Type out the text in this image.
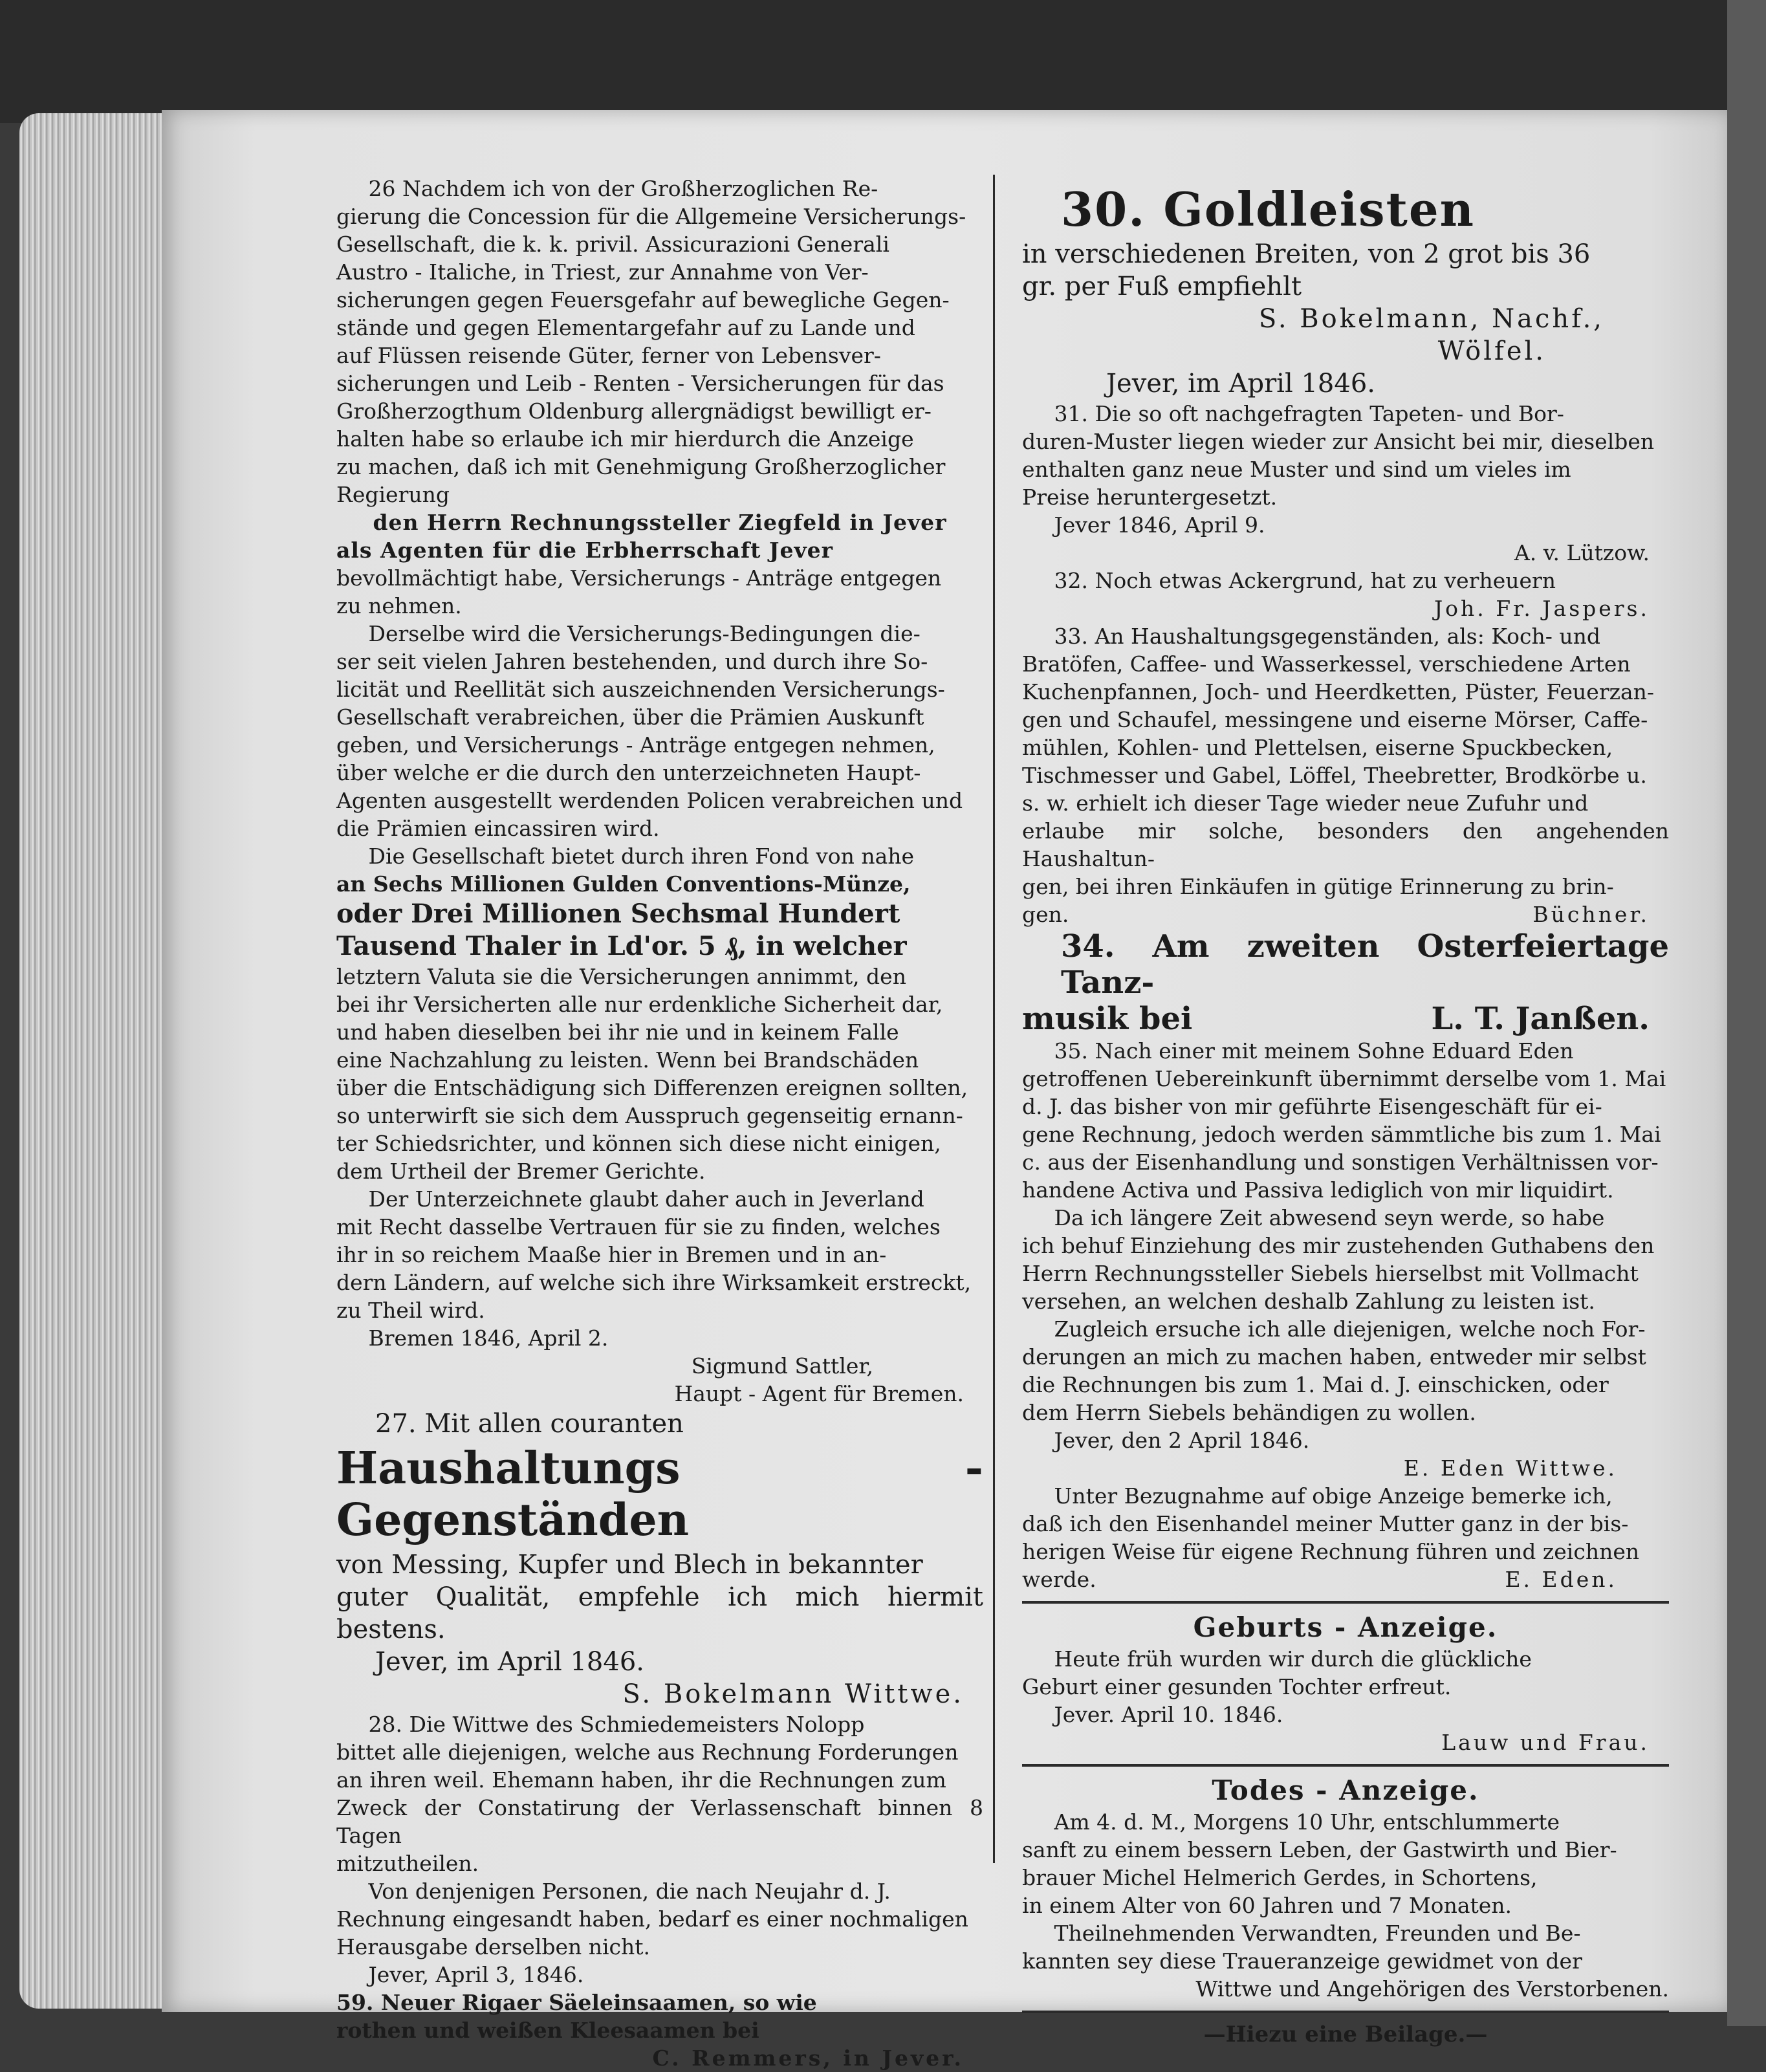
26 Nachdem ich von der Großherzoglichen Re-

gierung die Concession für die Allgemeine Versicherungs-

Gesellschaft, die k. k. privil. Assicurazioni Generali

Austro - Italiche, in Triest, zur Annahme von Ver-

sicherungen gegen Feuersgefahr auf bewegliche Gegen-

stände und gegen Elementargefahr auf zu Lande und

auf Flüssen reisende Güter, ferner von Lebensver-

sicherungen und Leib - Renten - Versicherungen für das

Großherzogthum Oldenburg allergnädigst bewilligt er-

halten habe so erlaube ich mir hierdurch die Anzeige

zu machen, daß ich mit Genehmigung Großherzoglicher

Regierung

den Herrn Rechnungssteller Ziegfeld in Jever

als Agenten für die Erbherrschaft Jever

bevollmächtigt habe, Versicherungs - Anträge entgegen

zu nehmen.

Derselbe wird die Versicherungs-Bedingungen die-

ser seit vielen Jahren bestehenden, und durch ihre So-

licität und Reellität sich auszeichnenden Versicherungs-

Gesellschaft verabreichen, über die Prämien Auskunft

geben, und Versicherungs - Anträge entgegen nehmen,

über welche er die durch den unterzeichneten Haupt-

Agenten ausgestellt werdenden Policen verabreichen und

die Prämien eincassiren wird.

Die Gesellschaft bietet durch ihren Fond von nahe

an Sechs Millionen Gulden Conventions-Münze,

oder Drei Millionen Sechsmal Hundert

Tausend Thaler in Ld'or. 5 ₰, in welcher

letztern Valuta sie die Versicherungen annimmt, den

bei ihr Versicherten alle nur erdenkliche Sicherheit dar,

und haben dieselben bei ihr nie und in keinem Falle

eine Nachzahlung zu leisten. Wenn bei Brandschäden

über die Entschädigung sich Differenzen ereignen sollten,

so unterwirft sie sich dem Ausspruch gegenseitig ernann-

ter Schiedsrichter, und können sich diese nicht einigen,

dem Urtheil der Bremer Gerichte.

Der Unterzeichnete glaubt daher auch in Jeverland

mit Recht dasselbe Vertrauen für sie zu finden, welches

ihr in so reichem Maaße hier in Bremen und in an-

dern Ländern, auf welche sich ihre Wirksamkeit erstreckt,

zu Theil wird.

Bremen 1846, April 2.

Sigmund Sattler,

Haupt - Agent für Bremen.

27. Mit allen couranten

Haushaltungs - Gegenständen

von Messing, Kupfer und Blech in bekannter

guter Qualität, empfehle ich mich hiermit bestens.

Jever, im April 1846.

S. Bokelmann Wittwe.

28. Die Wittwe des Schmiedemeisters Nolopp

bittet alle diejenigen, welche aus Rechnung Forderungen

an ihren weil. Ehemann haben, ihr die Rechnungen zum

Zweck der Constatirung der Verlassenschaft binnen 8 Tagen

mitzutheilen.

Von denjenigen Personen, die nach Neujahr d. J.

Rechnung eingesandt haben, bedarf es einer nochmaligen

Herausgabe derselben nicht.

Jever, April 3, 1846.

59. Neuer Rigaer Säeleinsaamen, so wie

rothen und weißen Kleesaamen bei

C. Remmers, in Jever.

30. Goldleisten

in verschiedenen Breiten, von 2 grot bis 36

gr. per Fuß empfiehlt

S. Bokelmann, Nachf.,

Wölfel.

Jever, im April 1846.

31. Die so oft nachgefragten Tapeten- und Bor-

duren-Muster liegen wieder zur Ansicht bei mir, dieselben

enthalten ganz neue Muster und sind um vieles im

Preise heruntergesetzt.

Jever 1846, April 9.

A. v. Lützow.

32. Noch etwas Ackergrund, hat zu verheuern

Joh. Fr. Jaspers.

33. An Haushaltungsgegenständen, als: Koch- und

Bratöfen, Caffee- und Wasserkessel, verschiedene Arten

Kuchenpfannen, Joch- und Heerdketten, Püster, Feuerzan-

gen und Schaufel, messingene und eiserne Mörser, Caffe-

mühlen, Kohlen- und Plettelsen, eiserne Spuckbecken,

Tischmesser und Gabel, Löffel, Theebretter, Brodkörbe u.

s. w. erhielt ich dieser Tage wieder neue Zufuhr und

erlaube mir solche, besonders den angehenden Haushaltun-

gen, bei ihren Einkäufen in gütige Erinnerung zu brin-

gen.	Büchner.

34. Am zweiten Osterfeiertage Tanz-

musik bei	L. T. Janßen.

35. Nach einer mit meinem Sohne Eduard Eden

getroffenen Uebereinkunft übernimmt derselbe vom 1. Mai

d. J. das bisher von mir geführte Eisengeschäft für ei-

gene Rechnung, jedoch werden sämmtliche bis zum 1. Mai

c. aus der Eisenhandlung und sonstigen Verhältnissen vor-

handene Activa und Passiva lediglich von mir liquidirt.

Da ich längere Zeit abwesend seyn werde, so habe

ich behuf Einziehung des mir zustehenden Guthabens den

Herrn Rechnungssteller Siebels hierselbst mit Vollmacht

versehen, an welchen deshalb Zahlung zu leisten ist.

Zugleich ersuche ich alle diejenigen, welche noch For-

derungen an mich zu machen haben, entweder mir selbst

die Rechnungen bis zum 1. Mai d. J. einschicken, oder

dem Herrn Siebels behändigen zu wollen.

Jever, den 2 April 1846.

E. Eden Wittwe.

Unter Bezugnahme auf obige Anzeige bemerke ich,

daß ich den Eisenhandel meiner Mutter ganz in der bis-

herigen Weise für eigene Rechnung führen und zeichnen

werde.	E. Eden.

Geburts - Anzeige.

Heute früh wurden wir durch die glückliche

Geburt einer gesunden Tochter erfreut.

Jever. April 10. 1846.

Lauw und Frau.

Todes - Anzeige.

Am 4. d. M., Morgens 10 Uhr, entschlummerte

sanft zu einem bessern Leben, der Gastwirth und Bier-

brauer Michel Helmerich Gerdes, in Schortens,

in einem Alter von 60 Jahren und 7 Monaten.

Theilnehmenden Verwandten, Freunden und Be-

kannten sey diese Traueranzeige gewidmet von der

Wittwe und Angehörigen des Verstorbenen.

—Hiezu eine Beilage.—
